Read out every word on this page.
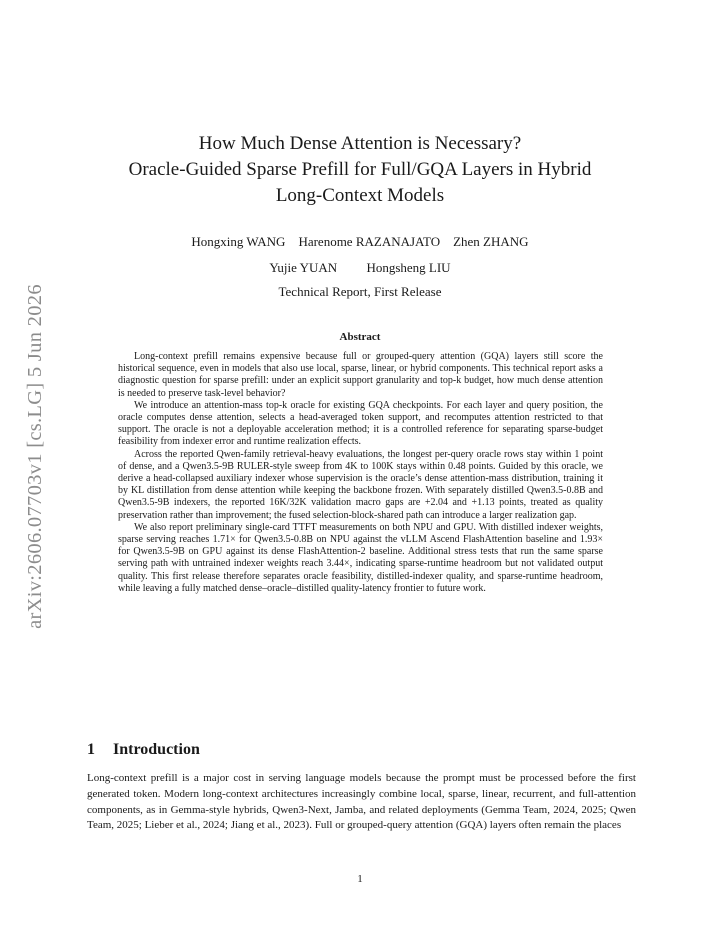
arXiv:2606.07703v1 [cs.LG] 5 Jun 2026
How Much Dense Attention is Necessary?
Oracle-Guided Sparse Prefill for Full/GQA Layers in Hybrid
Long-Context Models
Hongxing WANG Harenome RAZANAJATO Zhen ZHANG
Yujie YUAN Hongsheng LIU
Technical Report, First Release
Abstract

Long-context prefill remains expensive because full or grouped-query attention (GQA) layers still score the historical sequence, even in models that also use local, sparse, linear, or hybrid components. This technical report asks a diagnostic question for sparse prefill: under an explicit support granularity and top-k budget, how much dense attention is needed to preserve task-level behavior?

We introduce an attention-mass top-k oracle for existing GQA checkpoints. For each layer and query position, the oracle computes dense attention, selects a head-averaged token support, and recomputes attention restricted to that support. The oracle is not a deployable acceleration method; it is a controlled reference for separating sparse-budget feasibility from indexer error and runtime realization effects.

Across the reported Qwen-family retrieval-heavy evaluations, the longest per-query oracle rows stay within 1 point of dense, and a Qwen3.5-9B RULER-style sweep from 4K to 100K stays within 0.48 points. Guided by this oracle, we derive a head-collapsed auxiliary indexer whose supervision is the oracle’s dense attention-mass distribution, training it by KL distillation from dense attention while keeping the backbone frozen. With separately distilled Qwen3.5-0.8B and Qwen3.5-9B indexers, the reported 16K/32K validation macro gaps are +2.04 and +1.13 points, treated as quality preservation rather than improvement; the fused selection-block-shared path can introduce a larger realization gap.

We also report preliminary single-card TTFT measurements on both NPU and GPU. With distilled indexer weights, sparse serving reaches 1.71× for Qwen3.5-0.8B on NPU against the vLLM Ascend FlashAttention baseline and 1.93× for Qwen3.5-9B on GPU against its dense FlashAttention-2 baseline. Additional stress tests that run the same sparse serving path with untrained indexer weights reach 3.44×, indicating sparse-runtime headroom but not validated output quality. This first release therefore separates oracle feasibility, distilled-indexer quality, and sparse-runtime headroom, while leaving a fully matched dense–oracle–distilled quality-latency frontier to future work.

1 Introduction

Long-context prefill is a major cost in serving language models because the prompt must be processed before the first generated token. Modern long-context architectures increasingly combine local, sparse, linear, recurrent, and full-attention components, as in Gemma-style hybrids, Qwen3-Next, Jamba, and related deployments (Gemma Team, 2024, 2025; Qwen Team, 2025; Lieber et al., 2024; Jiang et al., 2023). Full or grouped-query attention (GQA) layers often remain the places

1
